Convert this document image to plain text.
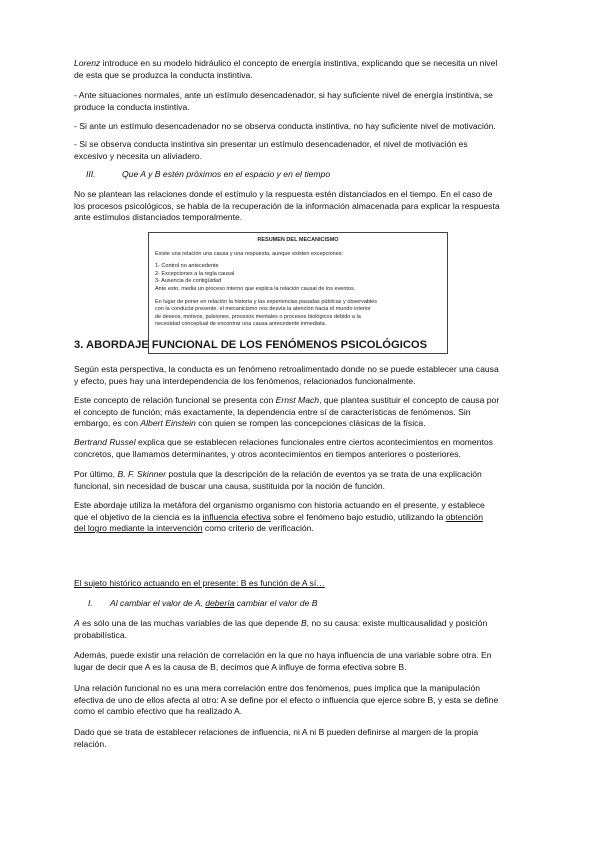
Lorenz introduce en su modelo hidráulico el concepto de energía instintiva, explicando que se necesita un nivel
de esta que se produzca la conducta instintiva.
- Ante situaciones normales, ante un estímulo desencadenador, si hay suficiente nivel de energía instintiva, se
produce la conducta instintiva.
- Si ante un estímulo desencadenador no se observa conducta instintiva, no hay suficiente nivel de motivación.
- Si se observa conducta instintiva sin presentar un estímulo desencadenador, el nivel de motivación es
excesivo y necesita un aliviadero.
III.	Que A y B estén próximos en el espacio y en el tiempo
No se plantean las relaciones donde el estímulo y la respuesta estén distanciados en el tiempo. En el caso de
los procesos psicológicos, se habla de la recuperación de la información almacenada para explicar la respuesta
ante estímulos distanciados temporalmente.
RESUMEN DEL MECANICISMO
Existe una relación una causa y una respuesta, aunque existen excepciones:
1- Control no antecedente
2- Excepciones a la regla causal
3- Ausencia de contigüidad
Ante esto, media un proceso interno que explica la relación causal de los eventos.
En lugar de poner en relación la historia y las experiencias pasadas públicas y observables
con la conducta presente, el mecanicismo nos desvía la atención hacia el mundo interior
de deseos, motivos, pulsiones, procesos mentales o procesos biológicos debido a la
necesidad conceptual de encontrar una causa antecedente inmediata.
3. ABORDAJE FUNCIONAL DE LOS FENÓMENOS PSICOLÓGICOS
Según esta perspectiva, la conducta es un fenómeno retroalimentado donde no se puede establecer una causa
y efecto, pues hay una interdependencia de los fenómenos, relacionados funcionalmente.
Este concepto de relación funcional se presenta con Ernst Mach, que plantea sustituir el concepto de causa por
el concepto de función; más exactamente, la dependencia entre sí de características de fenómenos. Sin
embargo, es con Albert Einstein con quien se rompen las concepciones clásicas de la física.
Bertrand Russel explica que se establecen relaciones funcionales entre ciertos acontecimientos en momentos
concretos, que llamamos determinantes, y otros acontecimientos en tiempos anteriores o posteriores.
Por último, B. F. Skinner postula que la descripción de la relación de eventos ya se trata de una explicación
funcional, sin necesidad de buscar una causa, sustituida por la noción de función.
Este abordaje utiliza la metáfora del organismo organismo con historia actuando en el presente, y establece
que el objetivo de la ciencia es la influencia efectiva sobre el fenómeno bajo estudio, utilizando la obtención
del logro mediante la intervención como criterio de verificación.
El sujeto histórico actuando en el presente: B es función de A sí…
I. Al cambiar el valor de A, debería cambiar el valor de B
A es sólo una de las muchas variables de las que depende B, no su causa: existe multicausalidad y posición
probabilística.
Además, puede existir una relación de correlación en la que no haya influencia de una variable sobre otra. En
lugar de decir que A es la causa de B, decimos que A influye de forma efectiva sobre B.
Una relación funcional no es una mera correlación entre dos fenómenos, pues implica que la manipulación
efectiva de uno de ellos afecta al otro: A se define por el efecto o influencia que ejerce sobre B, y esta se define
como el cambio efectivo que ha realizado A.
Dado que se trata de establecer relaciones de influencia, ni A ni B pueden definirse al margen de la propia
relación.
